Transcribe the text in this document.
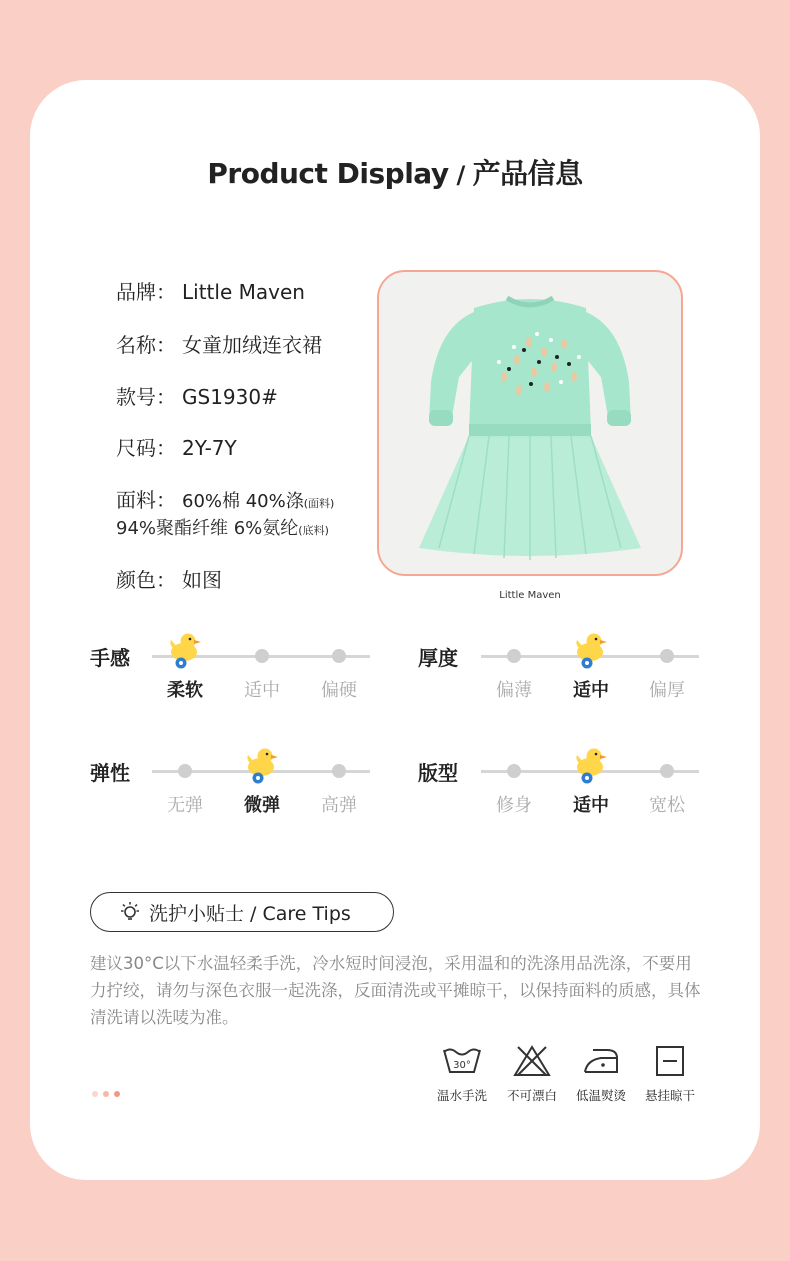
Product Display / 产品信息
品牌： Little Maven
名称： 女童加绒连衣裙
款号： GS1930#
尺码： 2Y-7Y
面料： 60%棉 40%涤(面料)
94%聚酯纤维 6%氨纶(底料)
颜色： 如图
Little Maven
洗护小贴士 / Care Tips
建议30°C以下水温轻柔手洗，冷水短时间浸泡，采用温和的洗涤用品洗涤，不要用力拧绞，请勿与深色衣服一起洗涤，反面清洗或平摊晾干，以保持面料的质感，具体清洗请以洗唛为准。
30°
温水手洗	不可漂白	低温熨烫	悬挂晾干
手感
柔软	适中	偏硬
厚度
偏薄	适中	偏厚
弹性
无弹	微弹	高弹
版型
修身	适中	宽松
